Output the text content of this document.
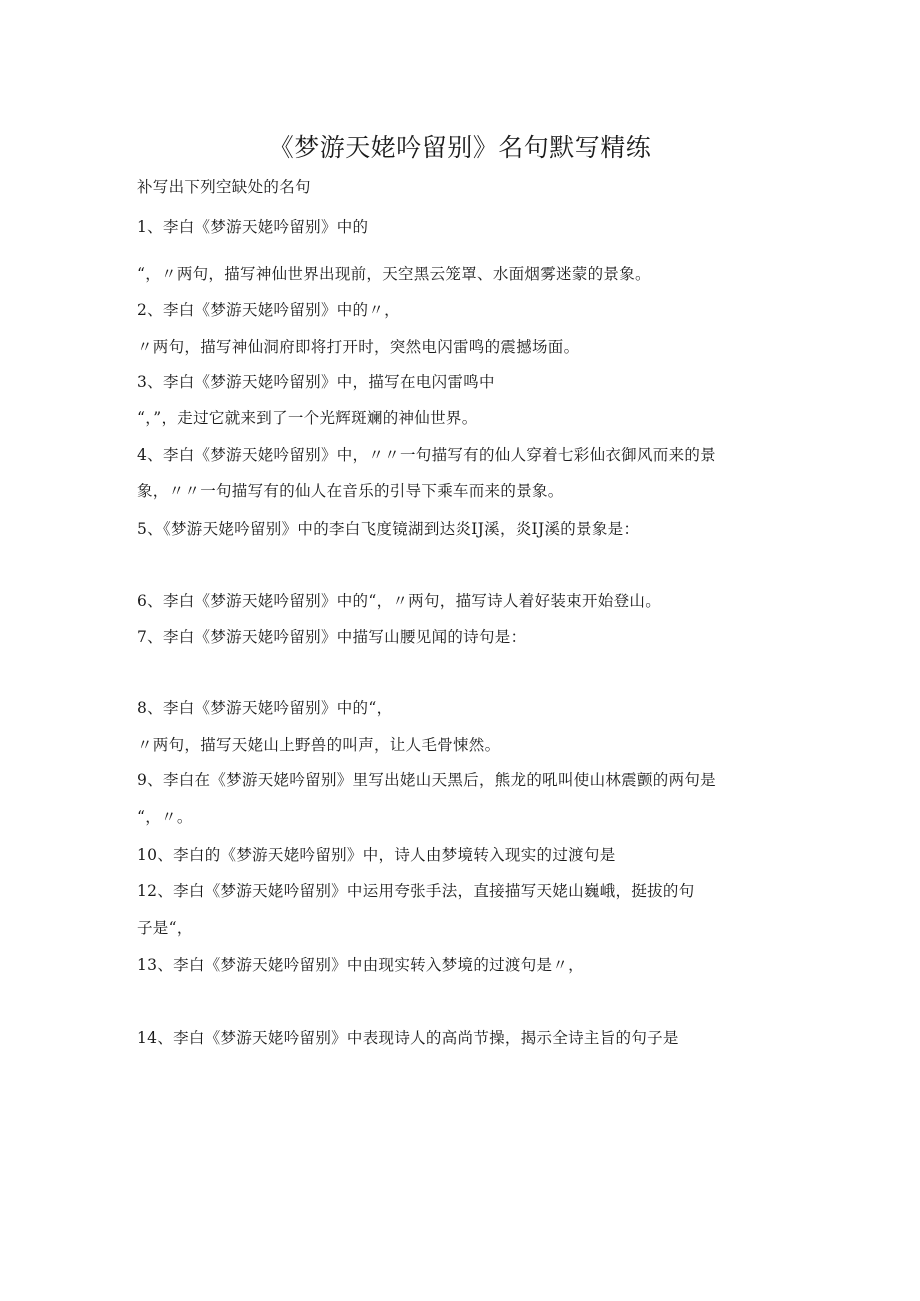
《梦游天姥吟留别》名句默写精练
补写出下列空缺处的名句
1、李白《梦游天姥吟留别》中的
“，〃两句，描写神仙世界出现前，天空黑云笼罩、水面烟雾迷蒙的景象。
2、李白《梦游天姥吟留别》中的〃，
〃两句，描写神仙洞府即将打开时，突然电闪雷鸣的震撼场面。
3、李白《梦游天姥吟留别》中，描写在电闪雷鸣中
“，”，走过它就来到了一个光辉斑斓的神仙世界。
4、李白《梦游天姥吟留别》中，〃〃一句描写有的仙人穿着七彩仙衣御风而来的景
象，〃〃一句描写有的仙人在音乐的引导下乘车而来的景象。
5、《梦游天姥吟留别》中的李白飞度镜湖到达炎IJ溪，炎IJ溪的景象是：
6、李白《梦游天姥吟留别》中的“，〃两句，描写诗人着好装束开始登山。
7、李白《梦游天姥吟留别》中描写山腰见闻的诗句是：
8、李白《梦游天姥吟留别》中的“，
〃两句，描写天姥山上野兽的叫声，让人毛骨悚然。
9、李白在《梦游天姥吟留别》里写出姥山天黑后，熊龙的吼叫使山林震颤的两句是
“，〃。
10、李白的《梦游天姥吟留别》中，诗人由梦境转入现实的过渡句是
12、李白《梦游天姥吟留别》中运用夸张手法，直接描写天姥山巍峨，挺拔的句
子是“，
13、李白《梦游天姥吟留别》中由现实转入梦境的过渡句是〃，
14、李白《梦游天姥吟留别》中表现诗人的高尚节操，揭示全诗主旨的句子是
